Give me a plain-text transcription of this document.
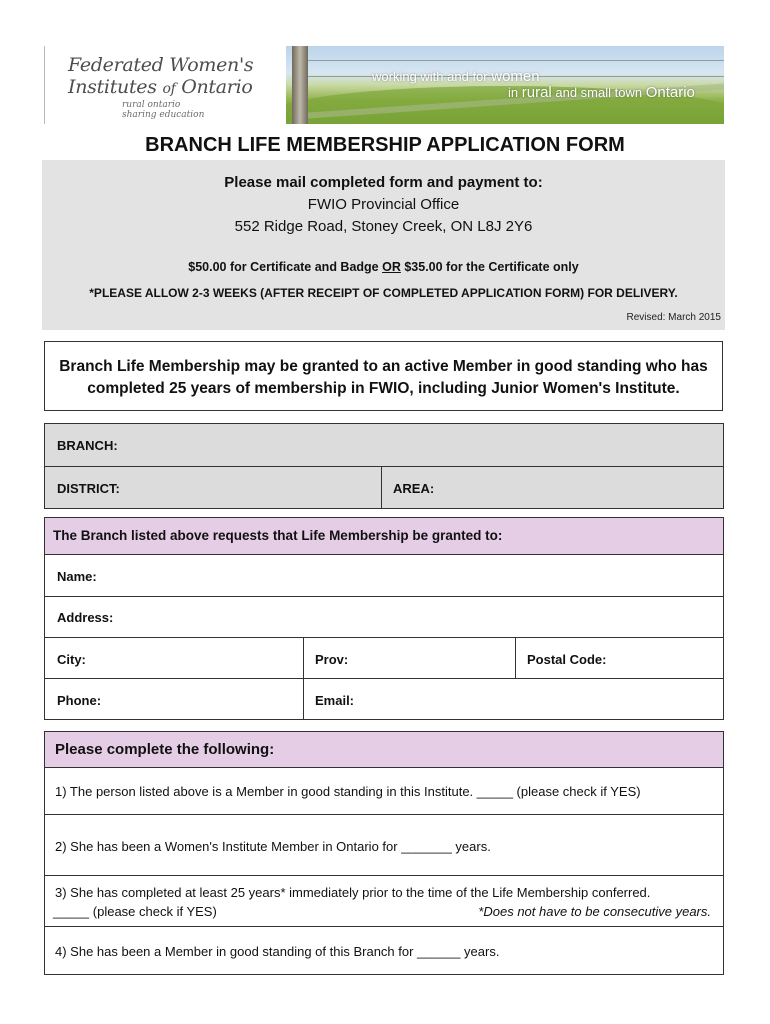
Federated Women's
Institutes of Ontario
rural ontario
sharing education
working with and for women
in rural and small town Ontario
BRANCH LIFE MEMBERSHIP APPLICATION FORM
Please mail completed form and payment to:
FWIO Provincial Office
552 Ridge Road, Stoney Creek, ON L8J 2Y6
$50.00 for Certificate and Badge OR $35.00 for the Certificate only
*PLEASE ALLOW 2-3 WEEKS (AFTER RECEIPT OF COMPLETED APPLICATION FORM) FOR DELIVERY.
Revised: March 2015
Branch Life Membership may be granted to an active Member in good standing who has completed 25 years of membership in FWIO, including Junior Women's Institute.
BRANCH:
DISTRICT:	AREA:
The Branch listed above requests that Life Membership be granted to:
Name:
Address:
City:	Prov:	Postal Code:
Phone:	Email:
Please complete the following:
1) The person listed above is a Member in good standing in this Institute. _____ (please check if YES)
2) She has been a Women's Institute Member in Ontario for _______ years.
3) She has completed at least 25 years* immediately prior to the time of the Life Membership conferred.
_____ (please check if YES)	*Does not have to be consecutive years.
4) She has been a Member in good standing of this Branch for ______ years.
